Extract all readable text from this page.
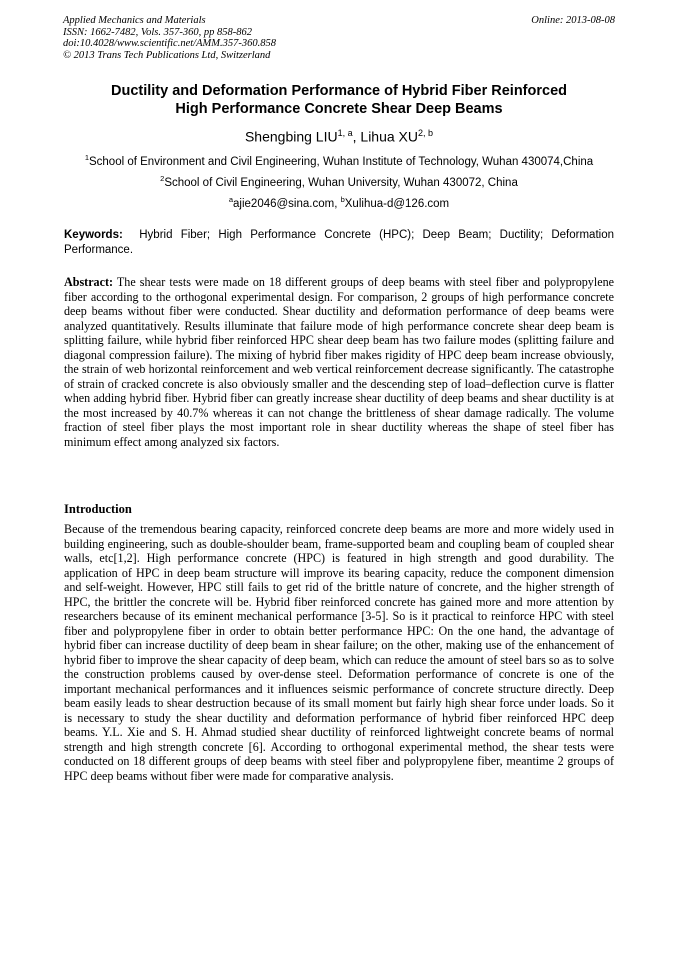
Applied Mechanics and Materials
ISSN: 1662-7482, Vols. 357-360, pp 858-862
doi:10.4028/www.scientific.net/AMM.357-360.858
© 2013 Trans Tech Publications Ltd, Switzerland
Online: 2013-08-08
Ductility and Deformation Performance of Hybrid Fiber Reinforced
High Performance Concrete Shear Deep Beams
Shengbing LIU$^{1, a}$, Lihua XU$^{2, b}$
$^1$School of Environment and Civil Engineering, Wuhan Institute of Technology, Wuhan 430074,China
$^2$School of Civil Engineering, Wuhan University, Wuhan 430072, China
$^a$ajie2046@sina.com, $^b$Xulihua-d@126.com
Keywords: Hybrid Fiber; High Performance Concrete (HPC); Deep Beam; Ductility; Deformation Performance.
Abstract: The shear tests were made on 18 different groups of deep beams with steel fiber and polypropylene fiber according to the orthogonal experimental design. For comparison, 2 groups of high performance concrete deep beams without fiber were conducted. Shear ductility and deformation performance of deep beams were analyzed quantitatively. Results illuminate that failure mode of high performance concrete shear deep beam is splitting failure, while hybrid fiber reinforced HPC shear deep beam has two failure modes (splitting failure and diagonal compression failure). The mixing of hybrid fiber makes rigidity of HPC deep beam increase obviously, the strain of web horizontal reinforcement and web vertical reinforcement decrease significantly. The catastrophe of strain of cracked concrete is also obviously smaller and the descending step of load–deflection curve is flatter when adding hybrid fiber. Hybrid fiber can greatly increase shear ductility of deep beams and shear ductility is at the most increased by 40.7% whereas it can not change the brittleness of shear damage radically. The volume fraction of steel fiber plays the most important role in shear ductility whereas the shape of steel fiber has minimum effect among analyzed six factors.
Introduction
Because of the tremendous bearing capacity, reinforced concrete deep beams are more and more widely used in building engineering, such as double-shoulder beam, frame-supported beam and coupling beam of coupled shear walls, etc[1,2]. High performance concrete (HPC) is featured in high strength and good durability. The application of HPC in deep beam structure will improve its bearing capacity, reduce the component dimension and self-weight. However, HPC still fails to get rid of the brittle nature of concrete, and the higher strength of HPC, the brittler the concrete will be. Hybrid fiber reinforced concrete has gained more and more attention by researchers because of its eminent mechanical performance [3-5]. So is it practical to reinforce HPC with steel fiber and polypropylene fiber in order to obtain better performance HPC: On the one hand, the advantage of hybrid fiber can increase ductility of deep beam in shear failure; on the other, making use of the enhancement of hybrid fiber to improve the shear capacity of deep beam, which can reduce the amount of steel bars so as to solve the construction problems caused by over-dense steel. Deformation performance of concrete is one of the important mechanical performances and it influences seismic performance of concrete structure directly. Deep beam easily leads to shear destruction because of its small moment but fairly high shear force under loads. So it is necessary to study the shear ductility and deformation performance of hybrid fiber reinforced HPC deep beams. Y.L. Xie and S. H. Ahmad studied shear ductility of reinforced lightweight concrete beams of normal strength and high strength concrete [6]. According to orthogonal experimental method, the shear tests were conducted on 18 different groups of deep beams with steel fiber and polypropylene fiber, meantime 2 groups of HPC deep beams without fiber were made for comparative analysis.
